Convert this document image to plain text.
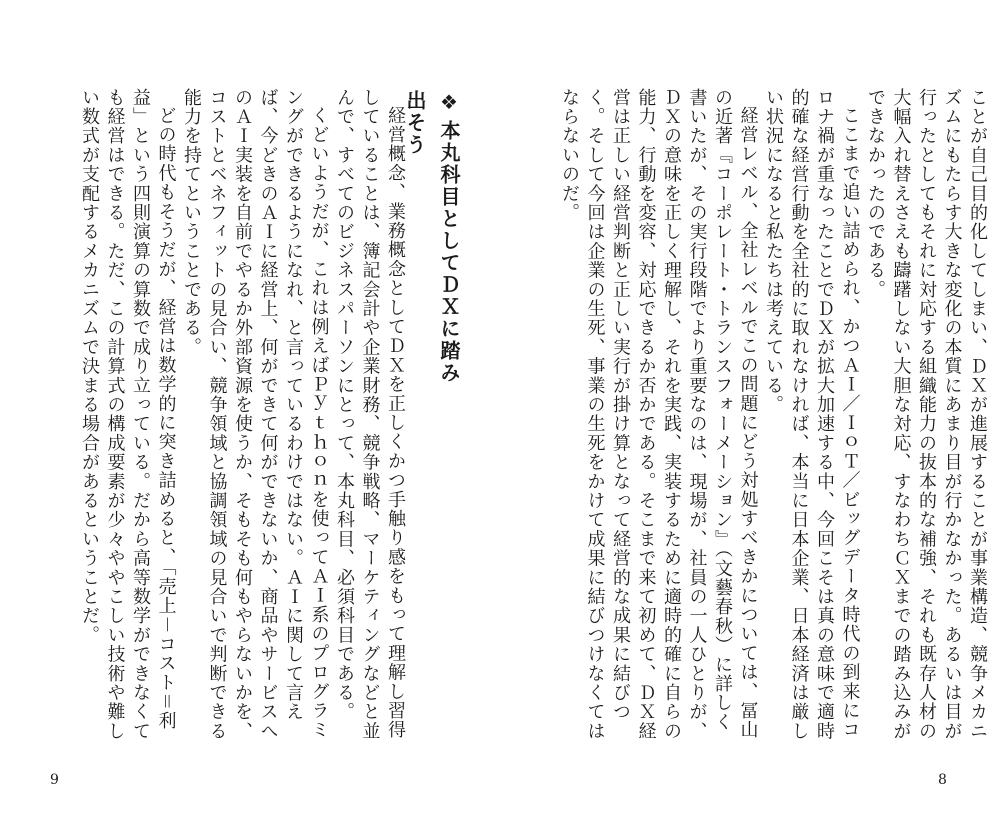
ことが自己目的化してしまい、ＤＸが進展することが事業構造、競争メカニズムにもたらす大きな変化の本質にあまり目が行かなかった。あるいは目が行ったとしてもそれに対応する組織能力の抜本的な補強、それも既存人材の大幅入れ替えさえも躊躇しない大胆な対応、すなわちＣＸまでの踏み込みができなかったのである。

ここまで追い詰められ、かつＡＩ／ＩｏＴ／ビッグデータ時代の到来にコロナ禍が重なったことでＤＸが拡大加速する中、今回こそは真の意味で適時的確な経営行動を全社的に取れなければ、本当に日本企業、日本経済は厳しい状況になると私たちは考えている。

経営レベル、全社レベルでこの問題にどう対処すべきかについては、冨山の近著『コーポレート・トランスフォーメーション』（文藝春秋）に詳しく書いたが、その実行段階でより重要なのは、現場が、社員の一人ひとりが、ＤＸの意味を正しく理解し、それを実践、実装するために適時的確に自らの能力、行動を変容、対応できるか否かである。そこまで来て初めて、ＤＸ経営は正しい経営判断と正しい実行が掛け算となって経営的な成果に結びつく。そして今回は企業の生死、事業の生死をかけて成果に結びつけなくてはならないのだ。

8
❖本丸科目としてＤＸに踏み出そう

経営概念、業務概念としてＤＸを正しくかつ手触り感をもって理解し習得していることは、簿記会計や企業財務、競争戦略、マーケティングなどと並んで、すべてのビジネスパーソンにとって、本丸科目、必須科目である。

くどいようだが、これは例えばＰｙｔｈｏｎを使ってＡＩ系のプログラミングができるようになれ、と言っているわけではない。ＡＩに関して言えば、今どきのＡＩに経営上、何ができて何ができないか、商品やサービスへのＡＩ実装を自前でやるか外部資源を使うか、そもそも何もやらないかを、コストとベネフィットの見合い、競争領域と協調領域の見合いで判断できる能力を持てということである。

どの時代もそうだが、経営は数学的に突き詰めると、「売上－コスト＝利益」という四則演算の算数で成り立っている。だから高等数学ができなくても経営はできる。ただ、この計算式の構成要素が少々ややこしい技術や難しい数式が支配するメカニズムで決まる場合があるということだ。

9
